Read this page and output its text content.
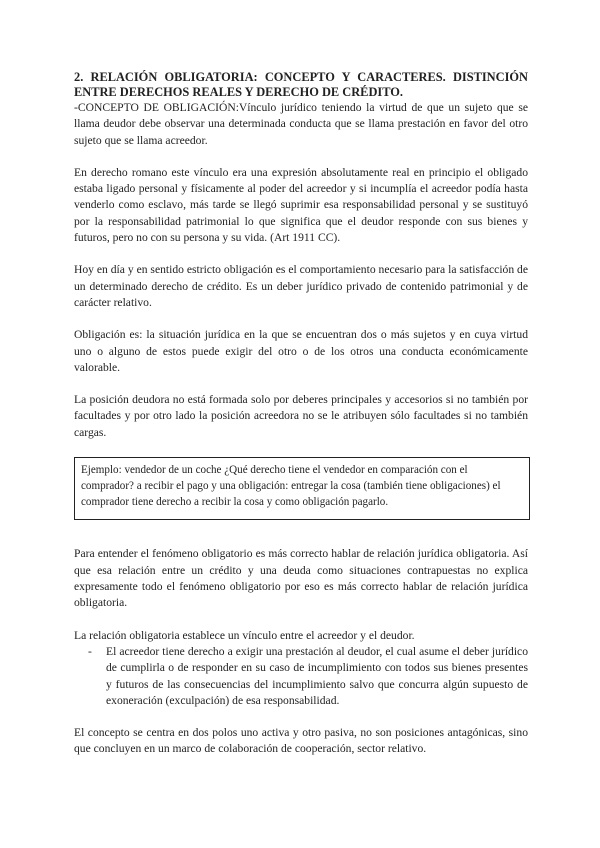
2. RELACIÓN OBLIGATORIA: CONCEPTO Y CARACTERES. DISTINCIÓN ENTRE DERECHOS REALES Y DERECHO DE CRÉDITO.

-CONCEPTO DE OBLIGACIÓN:Vínculo jurídico teniendo la virtud de que un sujeto que se llama deudor debe observar una determinada conducta que se llama prestación en favor del otro sujeto que se llama acreedor.

En derecho romano este vínculo era una expresión absolutamente real en principio el obligado estaba ligado personal y físicamente al poder del acreedor y si incumplía el acreedor podía hasta venderlo como esclavo, más tarde se llegó suprimir esa responsabilidad personal y se sustituyó por la responsabilidad patrimonial lo que significa que el deudor responde con sus bienes y futuros, pero no con su persona y su vida. (Art 1911 CC).

Hoy en día y en sentido estricto obligación es el comportamiento necesario para la satisfacción de un determinado derecho de crédito. Es un deber jurídico privado de contenido patrimonial y de carácter relativo.

Obligación es: la situación jurídica en la que se encuentran dos o más sujetos y en cuya virtud uno o alguno de estos puede exigir del otro o de los otros una conducta económicamente valorable.

La posición deudora no está formada solo por deberes principales y accesorios si no también por facultades y por otro lado la posición acreedora no se le atribuyen sólo facultades si no también cargas.

Ejemplo: vendedor de un coche ¿Qué derecho tiene el vendedor en comparación con el comprador? a recibir el pago y una obligación: entregar la cosa (también tiene obligaciones) el comprador tiene derecho a recibir la cosa y como obligación pagarlo.

Para entender el fenómeno obligatorio es más correcto hablar de relación jurídica obligatoria. Así que esa relación entre un crédito y una deuda como situaciones contrapuestas no explica expresamente todo el fenómeno obligatorio por eso es más correcto hablar de relación jurídica obligatoria.

La relación obligatoria establece un vínculo entre el acreedor y el deudor.

- El acreedor tiene derecho a exigir una prestación al deudor, el cual asume el deber jurídico de cumplirla o de responder en su caso de incumplimiento con todos sus bienes presentes y futuros de las consecuencias del incumplimiento salvo que concurra algún supuesto de exoneración (exculpación) de esa responsabilidad.

El concepto se centra en dos polos uno activa y otro pasiva, no son posiciones antagónicas, sino que concluyen en un marco de colaboración de cooperación, sector relativo.
